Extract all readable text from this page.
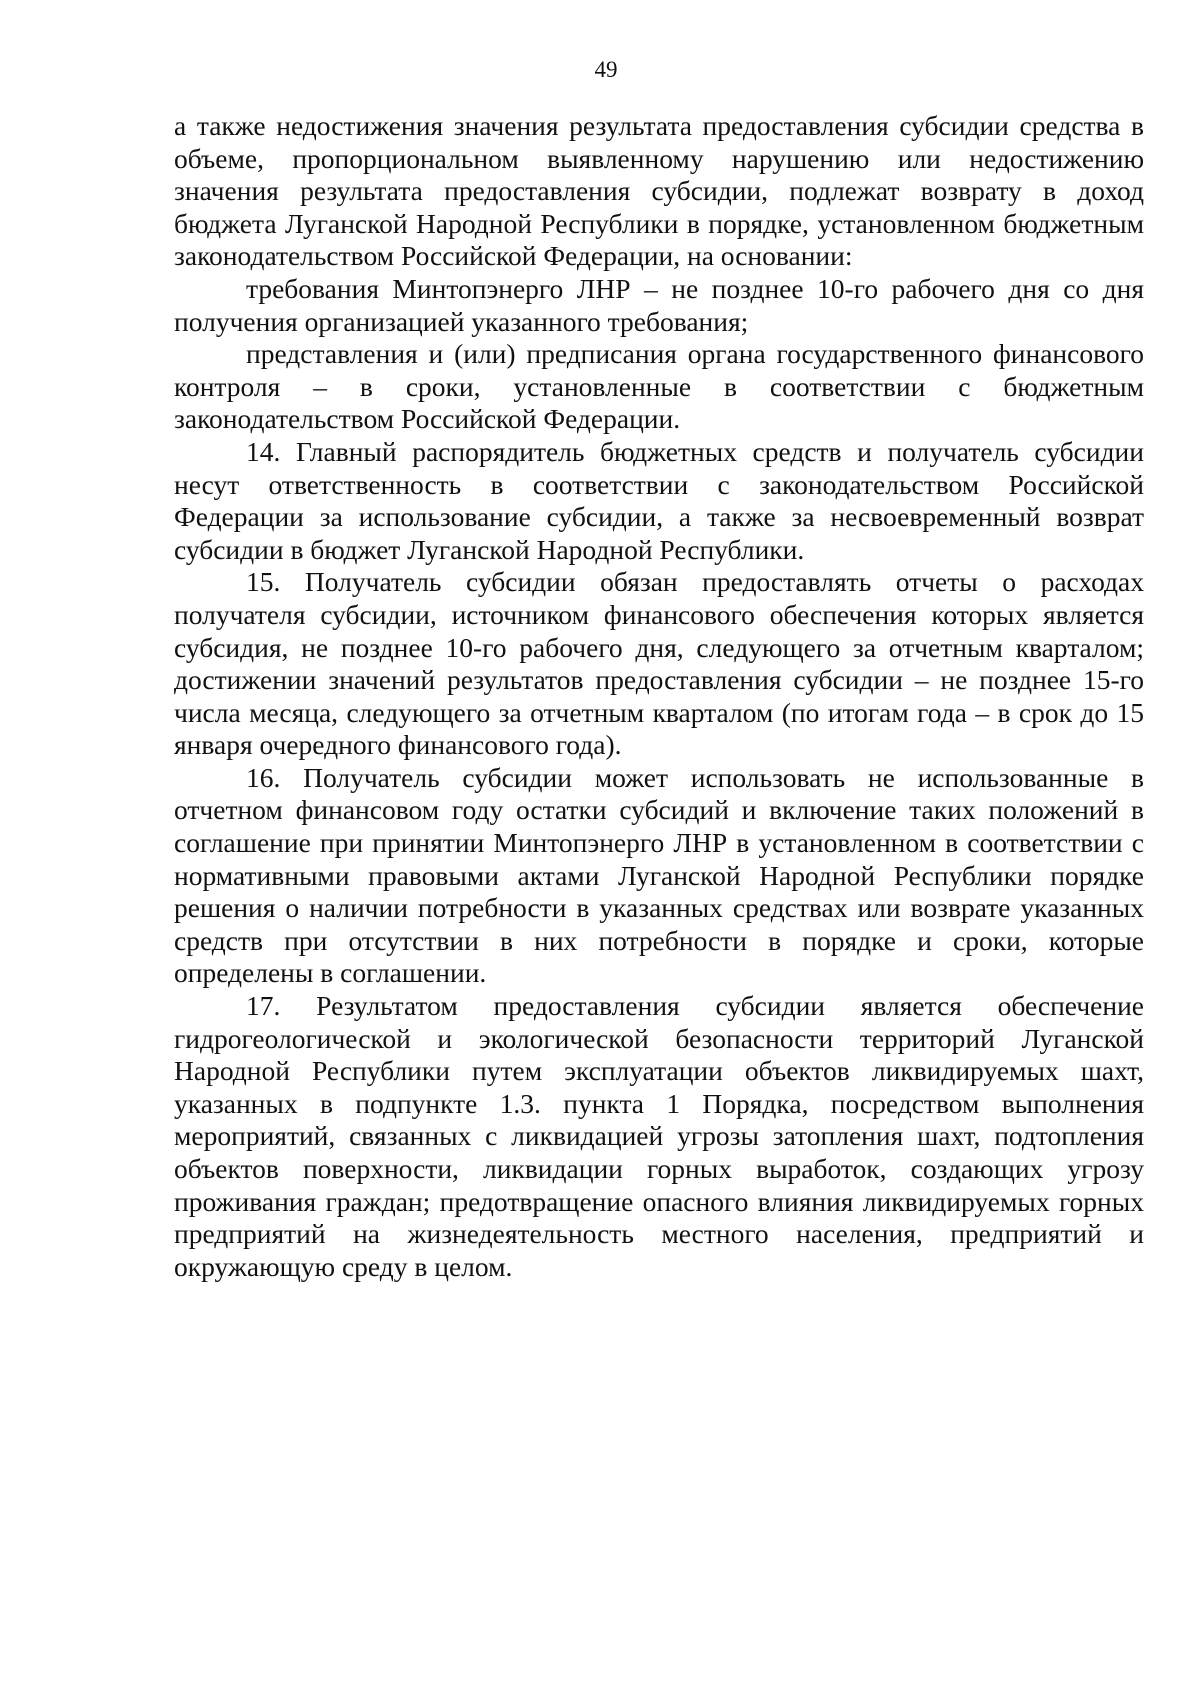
49

а также недостижения значения результата предоставления субсидии средства в объеме, пропорциональном выявленному нарушению или недостижению значения результата предоставления субсидии, подлежат возврату в доход бюджета Луганской Народной Республики в порядке, установленном бюджетным законодательством Российской Федерации, на основании:

требования Минтопэнерго ЛНР – не позднее 10-го рабочего дня со дня получения организацией указанного требования;

представления и (или) предписания органа государственного финансового контроля – в сроки, установленные в соответствии с бюджетным законодательством Российской Федерации.

14. Главный распорядитель бюджетных средств и получатель субсидии несут ответственность в соответствии с законодательством Российской Федерации за использование субсидии, а также за несвоевременный возврат субсидии в бюджет Луганской Народной Республики.

15. Получатель субсидии обязан предоставлять отчеты о расходах получателя субсидии, источником финансового обеспечения которых является субсидия, не позднее 10-го рабочего дня, следующего за отчетным кварталом; достижении значений результатов предоставления субсидии – не позднее 15-го числа месяца, следующего за отчетным кварталом (по итогам года – в срок до 15 января очередного финансового года).

16. Получатель субсидии может использовать не использованные в отчетном финансовом году остатки субсидий и включение таких положений в соглашение при принятии Минтопэнерго ЛНР в установленном в соответствии с нормативными правовыми актами Луганской Народной Республики порядке решения о наличии потребности в указанных средствах или возврате указанных средств при отсутствии в них потребности в порядке и сроки, которые определены в соглашении.

17. Результатом предоставления субсидии является обеспечение гидрогеологической и экологической безопасности территорий Луганской Народной Республики путем эксплуатации объектов ликвидируемых шахт, указанных в подпункте 1.3. пункта 1 Порядка, посредством выполнения мероприятий, связанных с ликвидацией угрозы затопления шахт, подтопления объектов поверхности, ликвидации горных выработок, создающих угрозу проживания граждан; предотвращение опасного влияния ликвидируемых горных предприятий на жизнедеятельность местного населения, предприятий и окружающую среду в целом.
